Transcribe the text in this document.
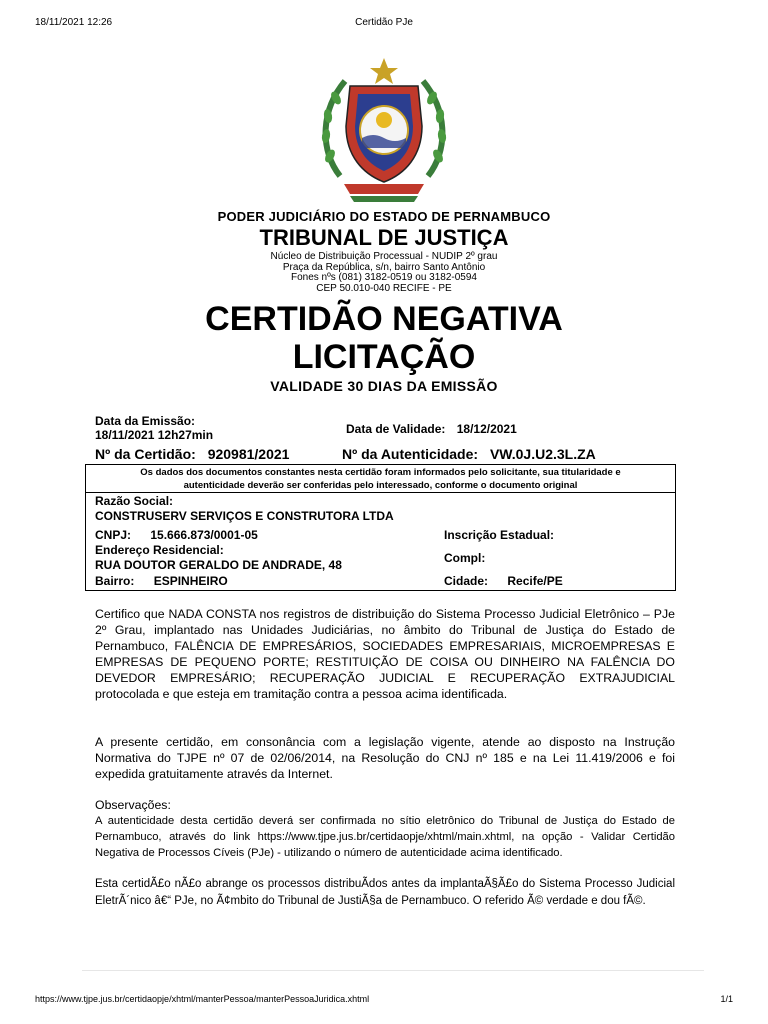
18/11/2021 12:26	Certidão PJe
PODER JUDICIÁRIO DO ESTADO DE PERNAMBUCO
TRIBUNAL DE JUSTIÇA
Núcleo de Distribuição Processual - NUDIP 2º grau
Praça da República, s/n, bairro Santo Antônio
Fones nºs (081) 3182-0519 ou 3182-0594
CEP 50.010-040 RECIFE - PE
CERTIDÃO NEGATIVA
LICITAÇÃO
VALIDADE 30 DIAS DA EMISSÃO
Data da Emissão:
18/11/2021 12h27min	Data de Validade: 18/12/2021
Nº da Certidão: 920981/2021	Nº da Autenticidade: VW.0J.U2.3L.ZA
Os dados dos documentos constantes nesta certidão foram informados pelo solicitante, sua titularidade e
autenticidade deverão ser conferidas pelo interessado, conforme o documento original
Razão Social:
CONSTRUSERV SERVIÇOS E CONSTRUTORA LTDA
CNPJ: 15.666.873/0001-05	Inscrição Estadual:
Endereço Residencial:
RUA DOUTOR GERALDO DE ANDRADE, 48	Compl:
Bairro: ESPINHEIRO	Cidade: Recife/PE
Certifico que NADA CONSTA nos registros de distribuição do Sistema Processo Judicial Eletrônico – PJe 2º Grau, implantado nas Unidades Judiciárias, no âmbito do Tribunal de Justiça do Estado de Pernambuco, FALÊNCIA DE EMPRESÁRIOS, SOCIEDADES EMPRESARIAIS, MICROEMPRESAS E EMPRESAS DE PEQUENO PORTE; RESTITUIÇÃO DE COISA OU DINHEIRO NA FALÊNCIA DO DEVEDOR EMPRESÁRIO; RECUPERAÇÃO JUDICIAL E RECUPERAÇÃO EXTRAJUDICIAL protocolada e que esteja em tramitação contra a pessoa acima identificada.
A presente certidão, em consonância com a legislação vigente, atende ao disposto na Instrução Normativa do TJPE nº 07 de 02/06/2014, na Resolução do CNJ nº 185 e na Lei 11.419/2006 e foi expedida gratuitamente através da Internet.
Observações:
A autenticidade desta certidão deverá ser confirmada no sítio eletrônico do Tribunal de Justiça do Estado de Pernambuco, através do link https://www.tjpe.jus.br/certidaopje/xhtml/main.xhtml, na opção - Validar Certidão Negativa de Processos Cíveis (PJe) - utilizando o número de autenticidade acima identificado.
Esta certidÃ£o nÃ£o abrange os processos distribuÃdos antes da implantaÃ§Ã£o do Sistema Processo Judicial EletrÃ´nico â€“ PJe, no Ã¢mbito do Tribunal de JustiÃ§a de Pernambuco. O referido Ã© verdade e dou fÃ©.
https://www.tjpe.jus.br/certidaopje/xhtml/manterPessoa/manterPessoaJuridica.xhtml	1/1
